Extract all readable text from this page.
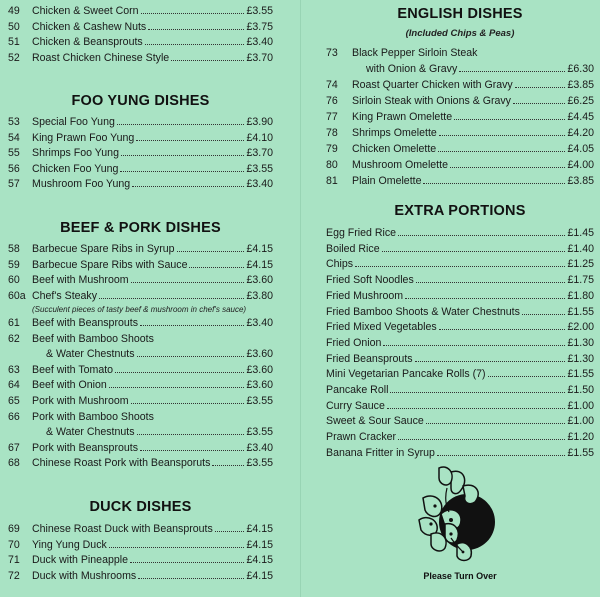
49	Chicken & Sweet Corn	£3.55
50	Chicken & Cashew Nuts	£3.75
51	Chicken & Beansprouts	£3.40
52	Roast Chicken Chinese Style	£3.70
FOO YUNG DISHES
53	Special Foo Yung	£3.90
54	King Prawn Foo Yung	£4.10
55	Shrimps Foo Yung	£3.70
56	Chicken Foo Yung	£3.55
57	Mushroom Foo Yung	£3.40
BEEF & PORK DISHES
58	Barbecue Spare Ribs in Syrup	£4.15
59	Barbecue Spare Ribs with Sauce	£4.15
60	Beef with Mushroom	£3.60
60a Chef's Steaky	£3.80
(Succulent pieces of tasty beef & mushroom in chef's sauce)
61	Beef with Beansprouts	£3.40
62	Beef with Bamboo Shoots
& Water Chestnuts	£3.60
63	Beef with Tomato	£3.60
64	Beef with Onion	£3.60
65	Pork with Mushroom	£3.55
66	Pork with Bamboo Shoots
& Water Chestnuts	£3.55
67	Pork with Beansprouts	£3.40
68	Chinese Roast Pork with Beansporuts	£3.55
DUCK DISHES
69	Chinese Roast Duck with Beansprouts	£4.15
70	Ying Yung Duck	£4.15
71	Duck with Pineapple	£4.15
72	Duck with Mushrooms	£4.15
ENGLISH DISHES
(Included Chips & Peas)
73	Black Pepper Sirloin Steak
with Onion & Gravy	£6.30
74	Roast Quarter Chicken with Gravy	£3.85
76	Sirloin Steak with Onions & Gravy	£6.25
77	King Prawn Omelette	£4.45
78	Shrimps Omelette	£4.20
79	Chicken Omelette	£4.05
80	Mushroom Omelette	£4.00
81	Plain Omelette	£3.85
EXTRA PORTIONS
Egg Fried Rice	£1.45
Boiled Rice	£1.40
Chips	£1.25
Fried Soft Noodles	£1.75
Fried Mushroom	£1.80
Fried Bamboo Shoots & Water Chestnuts	£1.55
Fried Mixed Vegetables	£2.00
Fried Onion	£1.30
Fried Beansprouts	£1.30
Mini Vegetarian Pancake Rolls (7)	£1.55
Pancake Roll	£1.50
Curry Sauce	£1.00
Sweet & Sour Sauce	£1.00
Prawn Cracker	£1.20
Banana Fritter in Syrup	£1.55
Please Turn Over
